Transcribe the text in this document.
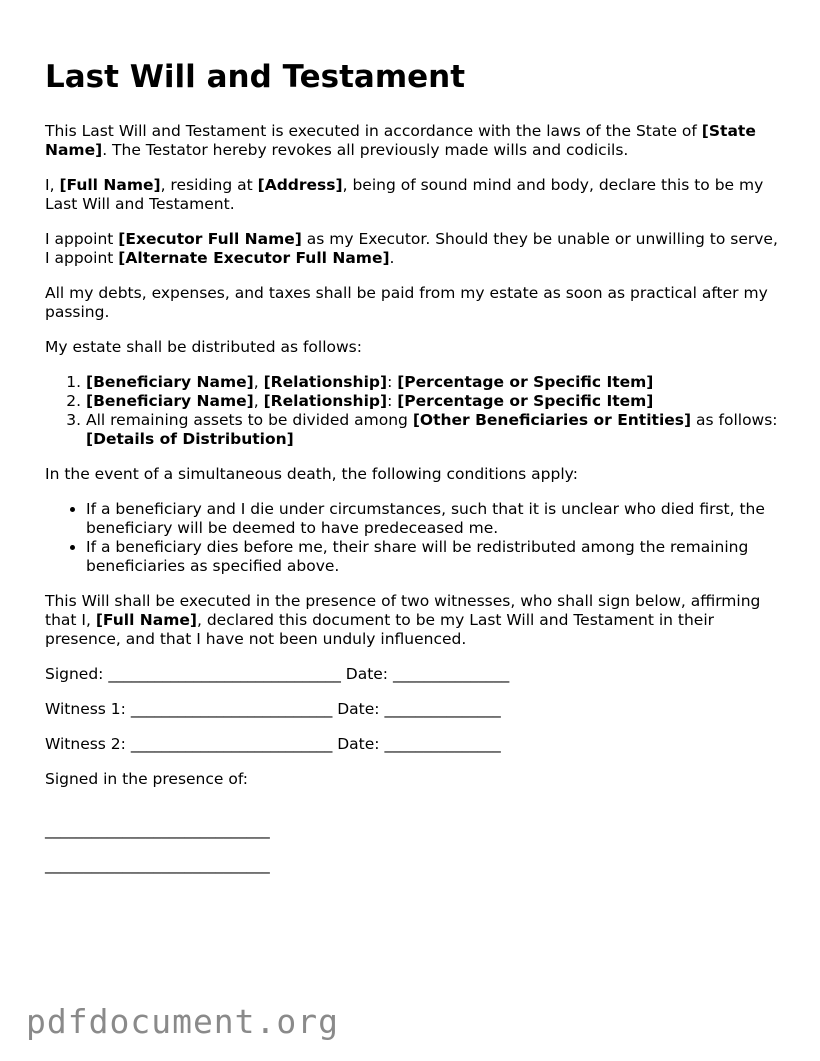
Last Will and Testament

This Last Will and Testament is executed in accordance with the laws of the State of [State Name]. The Testator hereby revokes all previously made wills and codicils.

I, [Full Name], residing at [Address], being of sound mind and body, declare this to be my Last Will and Testament.

I appoint [Executor Full Name] as my Executor. Should they be unable or unwilling to serve, I appoint [Alternate Executor Full Name].

All my debts, expenses, and taxes shall be paid from my estate as soon as practical after my passing.

My estate shall be distributed as follows:

1. [Beneficiary Name], [Relationship]: [Percentage or Specific Item]
2. [Beneficiary Name], [Relationship]: [Percentage or Specific Item]
3. All remaining assets to be divided among [Other Beneficiaries or Entities] as follows: [Details of Distribution]

In the event of a simultaneous death, the following conditions apply:

• If a beneficiary and I die under circumstances, such that it is unclear who died first, the beneficiary will be deemed to have predeceased me.
• If a beneficiary dies before me, their share will be redistributed among the remaining beneficiaries as specified above.

This Will shall be executed in the presence of two witnesses, who shall sign below, affirming that I, [Full Name], declared this document to be my Last Will and Testament in their presence, and that I have not been unduly influenced.

Signed: ______________________________ Date: _______________
Witness 1: __________________________ Date: _______________
Witness 2: __________________________ Date: _______________
Signed in the presence of:
_____________________________
_____________________________
pdfdocument.org
